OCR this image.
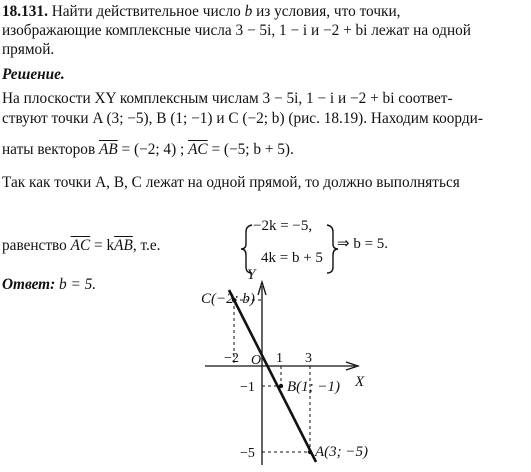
18.131. Найти действительное число b из условия, что точки,
изображающие комплексные числа 3 − 5i, 1 − i и −2 + bi лежат на одной
прямой.
Решение.
На плоскости XY комплексным числам 3 − 5i, 1 − i и −2 + bi соответ-
ствуют точки A (3; −5), B (1; −1) и C (−2; b) (рис. 18.19). Находим коорди-
наты векторов $\overline{AB} = (-2$; 4) ; $\overline{AC} = (-5$; b + 5).
Так как точки A, B, C лежат на одной прямой, то должно выполняться
равенство $\overline{AC} = k\overline{AB}$, т.е.
−2k = −5,
4k = b + 5
⇒ b = 5.
Ответ: b = 5.
Y
X
O
−2	1 3
−1
−5
C(−2; b)
B(1; −1)
A(3; −5)
